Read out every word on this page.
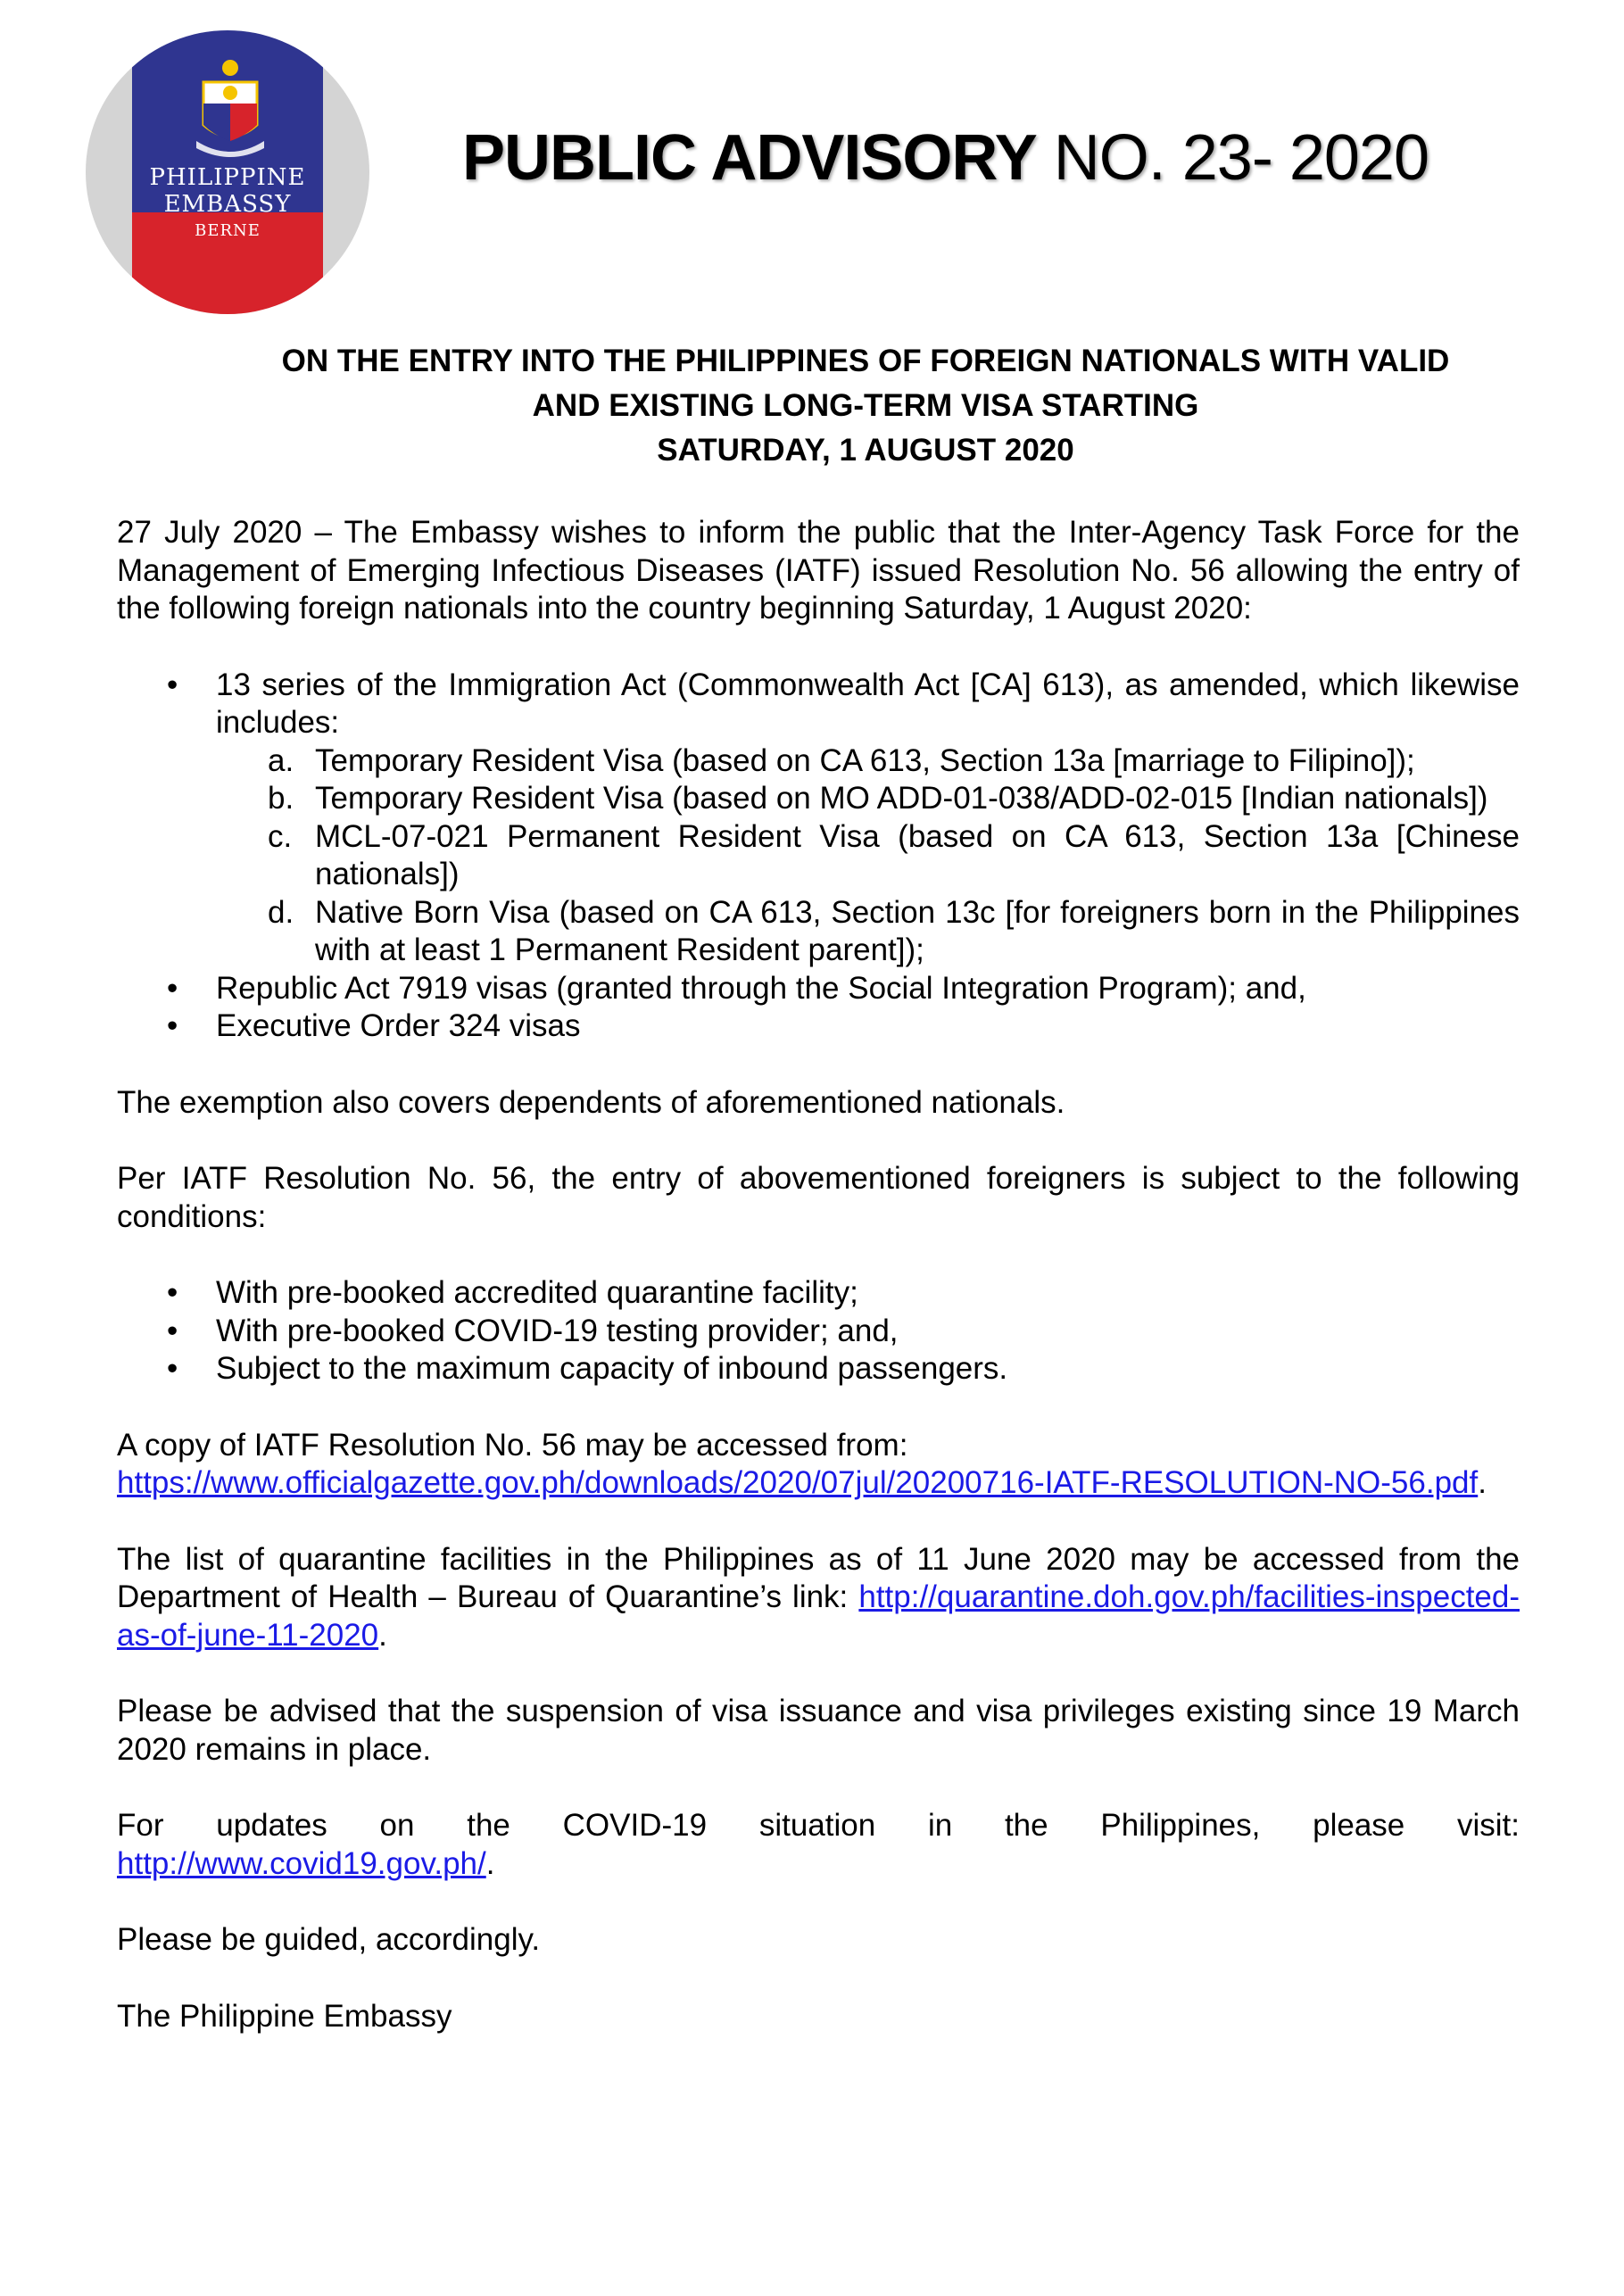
PHILIPPINE
EMBASSY
BERNE
PUBLIC ADVISORY NO. 23- 2020
ON THE ENTRY INTO THE PHILIPPINES OF FOREIGN NATIONALS WITH VALID
AND EXISTING LONG-TERM VISA STARTING
SATURDAY, 1 AUGUST 2020

27 July 2020 – The Embassy wishes to inform the public that the Inter-Agency Task Force for the Management of Emerging Infectious Diseases (IATF) issued Resolution No. 56 allowing the entry of the following foreign nationals into the country beginning Saturday, 1 August 2020:

• 13 series of the Immigration Act (Commonwealth Act [CA] 613), as amended, which likewise includes:
a. Temporary Resident Visa (based on CA 613, Section 13a [marriage to Filipino]);
b. Temporary Resident Visa (based on MO ADD-01-038/ADD-02-015 [Indian nationals])
c. MCL-07-021 Permanent Resident Visa (based on CA 613, Section 13a [Chinese nationals])
d. Native Born Visa (based on CA 613, Section 13c [for foreigners born in the Philippines with at least 1 Permanent Resident parent]);
• Republic Act 7919 visas (granted through the Social Integration Program); and,
• Executive Order 324 visas

The exemption also covers dependents of aforementioned nationals.

Per IATF Resolution No. 56, the entry of abovementioned foreigners is subject to the following conditions:

• With pre-booked accredited quarantine facility;
• With pre-booked COVID-19 testing provider; and,
• Subject to the maximum capacity of inbound passengers.

A copy of IATF Resolution No. 56 may be accessed from:
https://www.officialgazette.gov.ph/downloads/2020/07jul/20200716-IATF-RESOLUTION-NO-56.pdf.

The list of quarantine facilities in the Philippines as of 11 June 2020 may be accessed from the Department of Health – Bureau of Quarantine’s link: http://quarantine.doh.gov.ph/facilities-inspected-as-of-june-11-2020.

Please be advised that the suspension of visa issuance and visa privileges existing since 19 March 2020 remains in place.

For updates on the COVID-19 situation in the Philippines, please visit:
http://www.covid19.gov.ph/.

Please be guided, accordingly.

The Philippine Embassy
